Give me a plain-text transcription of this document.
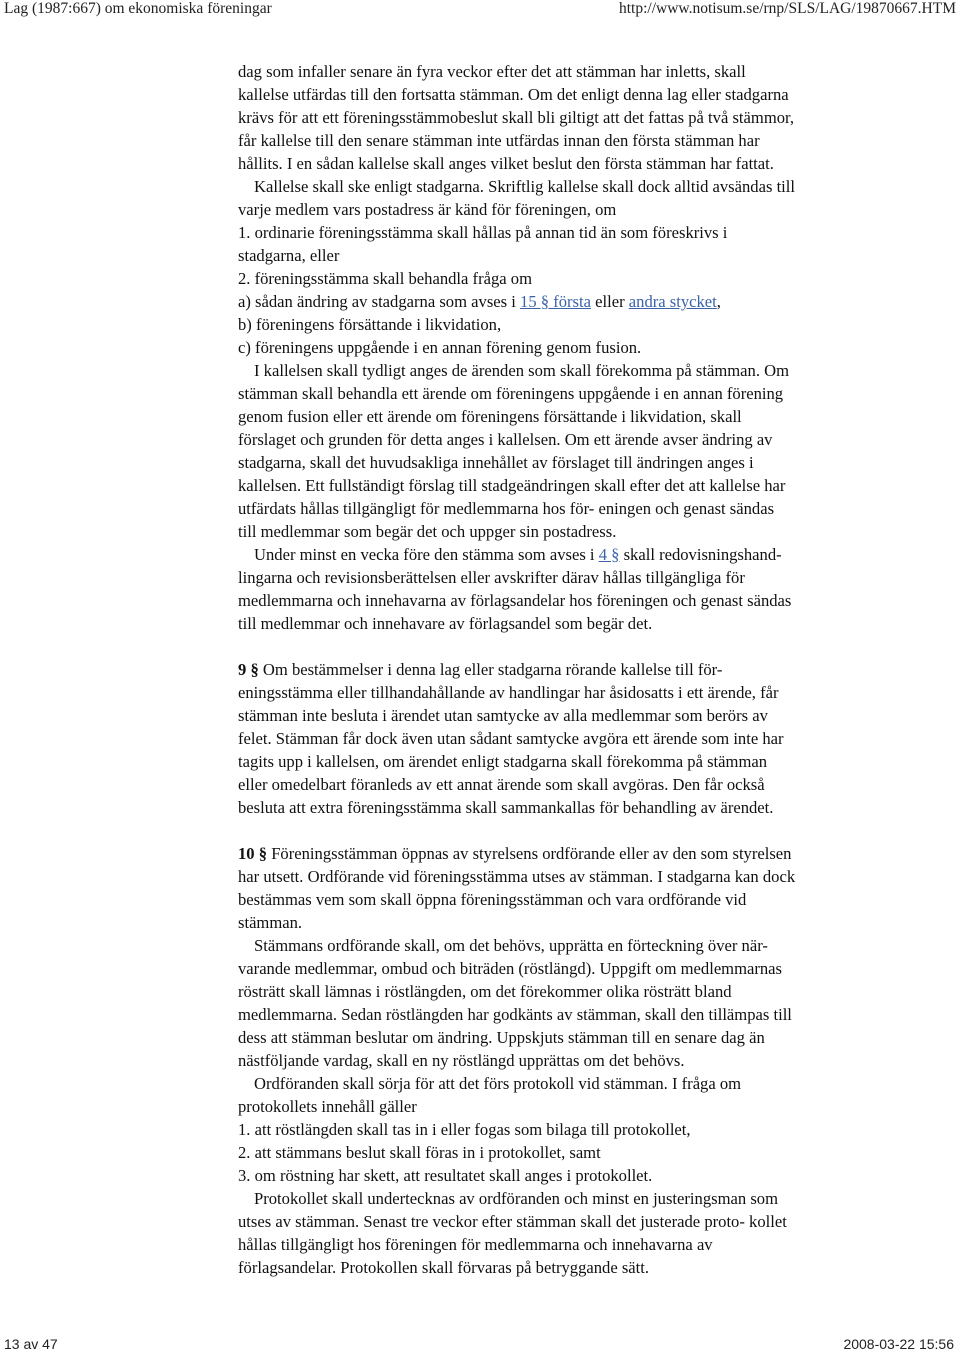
Lag (1987:667) om ekonomiska föreningar	http://www.notisum.se/rnp/SLS/LAG/19870667.HTM

dag som infaller senare än fyra veckor efter det att stämman har inletts, skall

kallelse utfärdas till den fortsatta stämman. Om det enligt denna lag eller stadgarna

krävs för att ett föreningsstämmobeslut skall bli giltigt att det fattas på två stämmor,

får kallelse till den senare stämman inte utfärdas innan den första stämman har

hållits. I en sådan kallelse skall anges vilket beslut den första stämman har fattat.

Kallelse skall ske enligt stadgarna. Skriftlig kallelse skall dock alltid avsändas till

varje medlem vars postadress är känd för föreningen, om

1. ordinarie föreningsstämma skall hållas på annan tid än som föreskrivs i

stadgarna, eller

2. föreningsstämma skall behandla fråga om

a) sådan ändring av stadgarna som avses i 15 § första eller andra stycket,

b) föreningens försättande i likvidation,

c) föreningens uppgående i en annan förening genom fusion.

I kallelsen skall tydligt anges de ärenden som skall förekomma på stämman. Om

stämman skall behandla ett ärende om föreningens uppgående i en annan förening

genom fusion eller ett ärende om föreningens försättande i likvidation, skall

förslaget och grunden för detta anges i kallelsen. Om ett ärende avser ändring av

stadgarna, skall det huvudsakliga innehållet av förslaget till ändringen anges i

kallelsen. Ett fullständigt förslag till stadgeändringen skall efter det att kallelse har

utfärdats hållas tillgängligt för medlemmarna hos för- eningen och genast sändas

till medlemmar som begär det och uppger sin postadress.

Under minst en vecka före den stämma som avses i 4 § skall redovisningshand-

lingarna och revisionsberättelsen eller avskrifter därav hållas tillgängliga för

medlemmarna och innehavarna av förlagsandelar hos föreningen och genast sändas

till medlemmar och innehavare av förlagsandel som begär det.

9 § Om bestämmelser i denna lag eller stadgarna rörande kallelse till för-

eningsstämma eller tillhandahållande av handlingar har åsidosatts i ett ärende, får

stämman inte besluta i ärendet utan samtycke av alla medlemmar som berörs av

felet. Stämman får dock även utan sådant samtycke avgöra ett ärende som inte har

tagits upp i kallelsen, om ärendet enligt stadgarna skall förekomma på stämman

eller omedelbart föranleds av ett annat ärende som skall avgöras. Den får också

besluta att extra föreningsstämma skall sammankallas för behandling av ärendet.

10 § Föreningsstämman öppnas av styrelsens ordförande eller av den som styrelsen

har utsett. Ordförande vid föreningsstämma utses av stämman. I stadgarna kan dock

bestämmas vem som skall öppna föreningsstämman och vara ordförande vid

stämman.

Stämmans ordförande skall, om det behövs, upprätta en förteckning över när-

varande medlemmar, ombud och biträden (röstlängd). Uppgift om medlemmarnas

rösträtt skall lämnas i röstlängden, om det förekommer olika rösträtt bland

medlemmarna. Sedan röstlängden har godkänts av stämman, skall den tillämpas till

dess att stämman beslutar om ändring. Uppskjuts stämman till en senare dag än

nästföljande vardag, skall en ny röstlängd upprättas om det behövs.

Ordföranden skall sörja för att det förs protokoll vid stämman. I fråga om

protokollets innehåll gäller

1. att röstlängden skall tas in i eller fogas som bilaga till protokollet,

2. att stämmans beslut skall föras in i protokollet, samt

3. om röstning har skett, att resultatet skall anges i protokollet.

Protokollet skall undertecknas av ordföranden och minst en justeringsman som

utses av stämman. Senast tre veckor efter stämman skall det justerade proto- kollet

hållas tillgängligt hos föreningen för medlemmarna och innehavarna av

förlagsandelar. Protokollen skall förvaras på betryggande sätt.

13 av 47	2008-03-22 15:56
